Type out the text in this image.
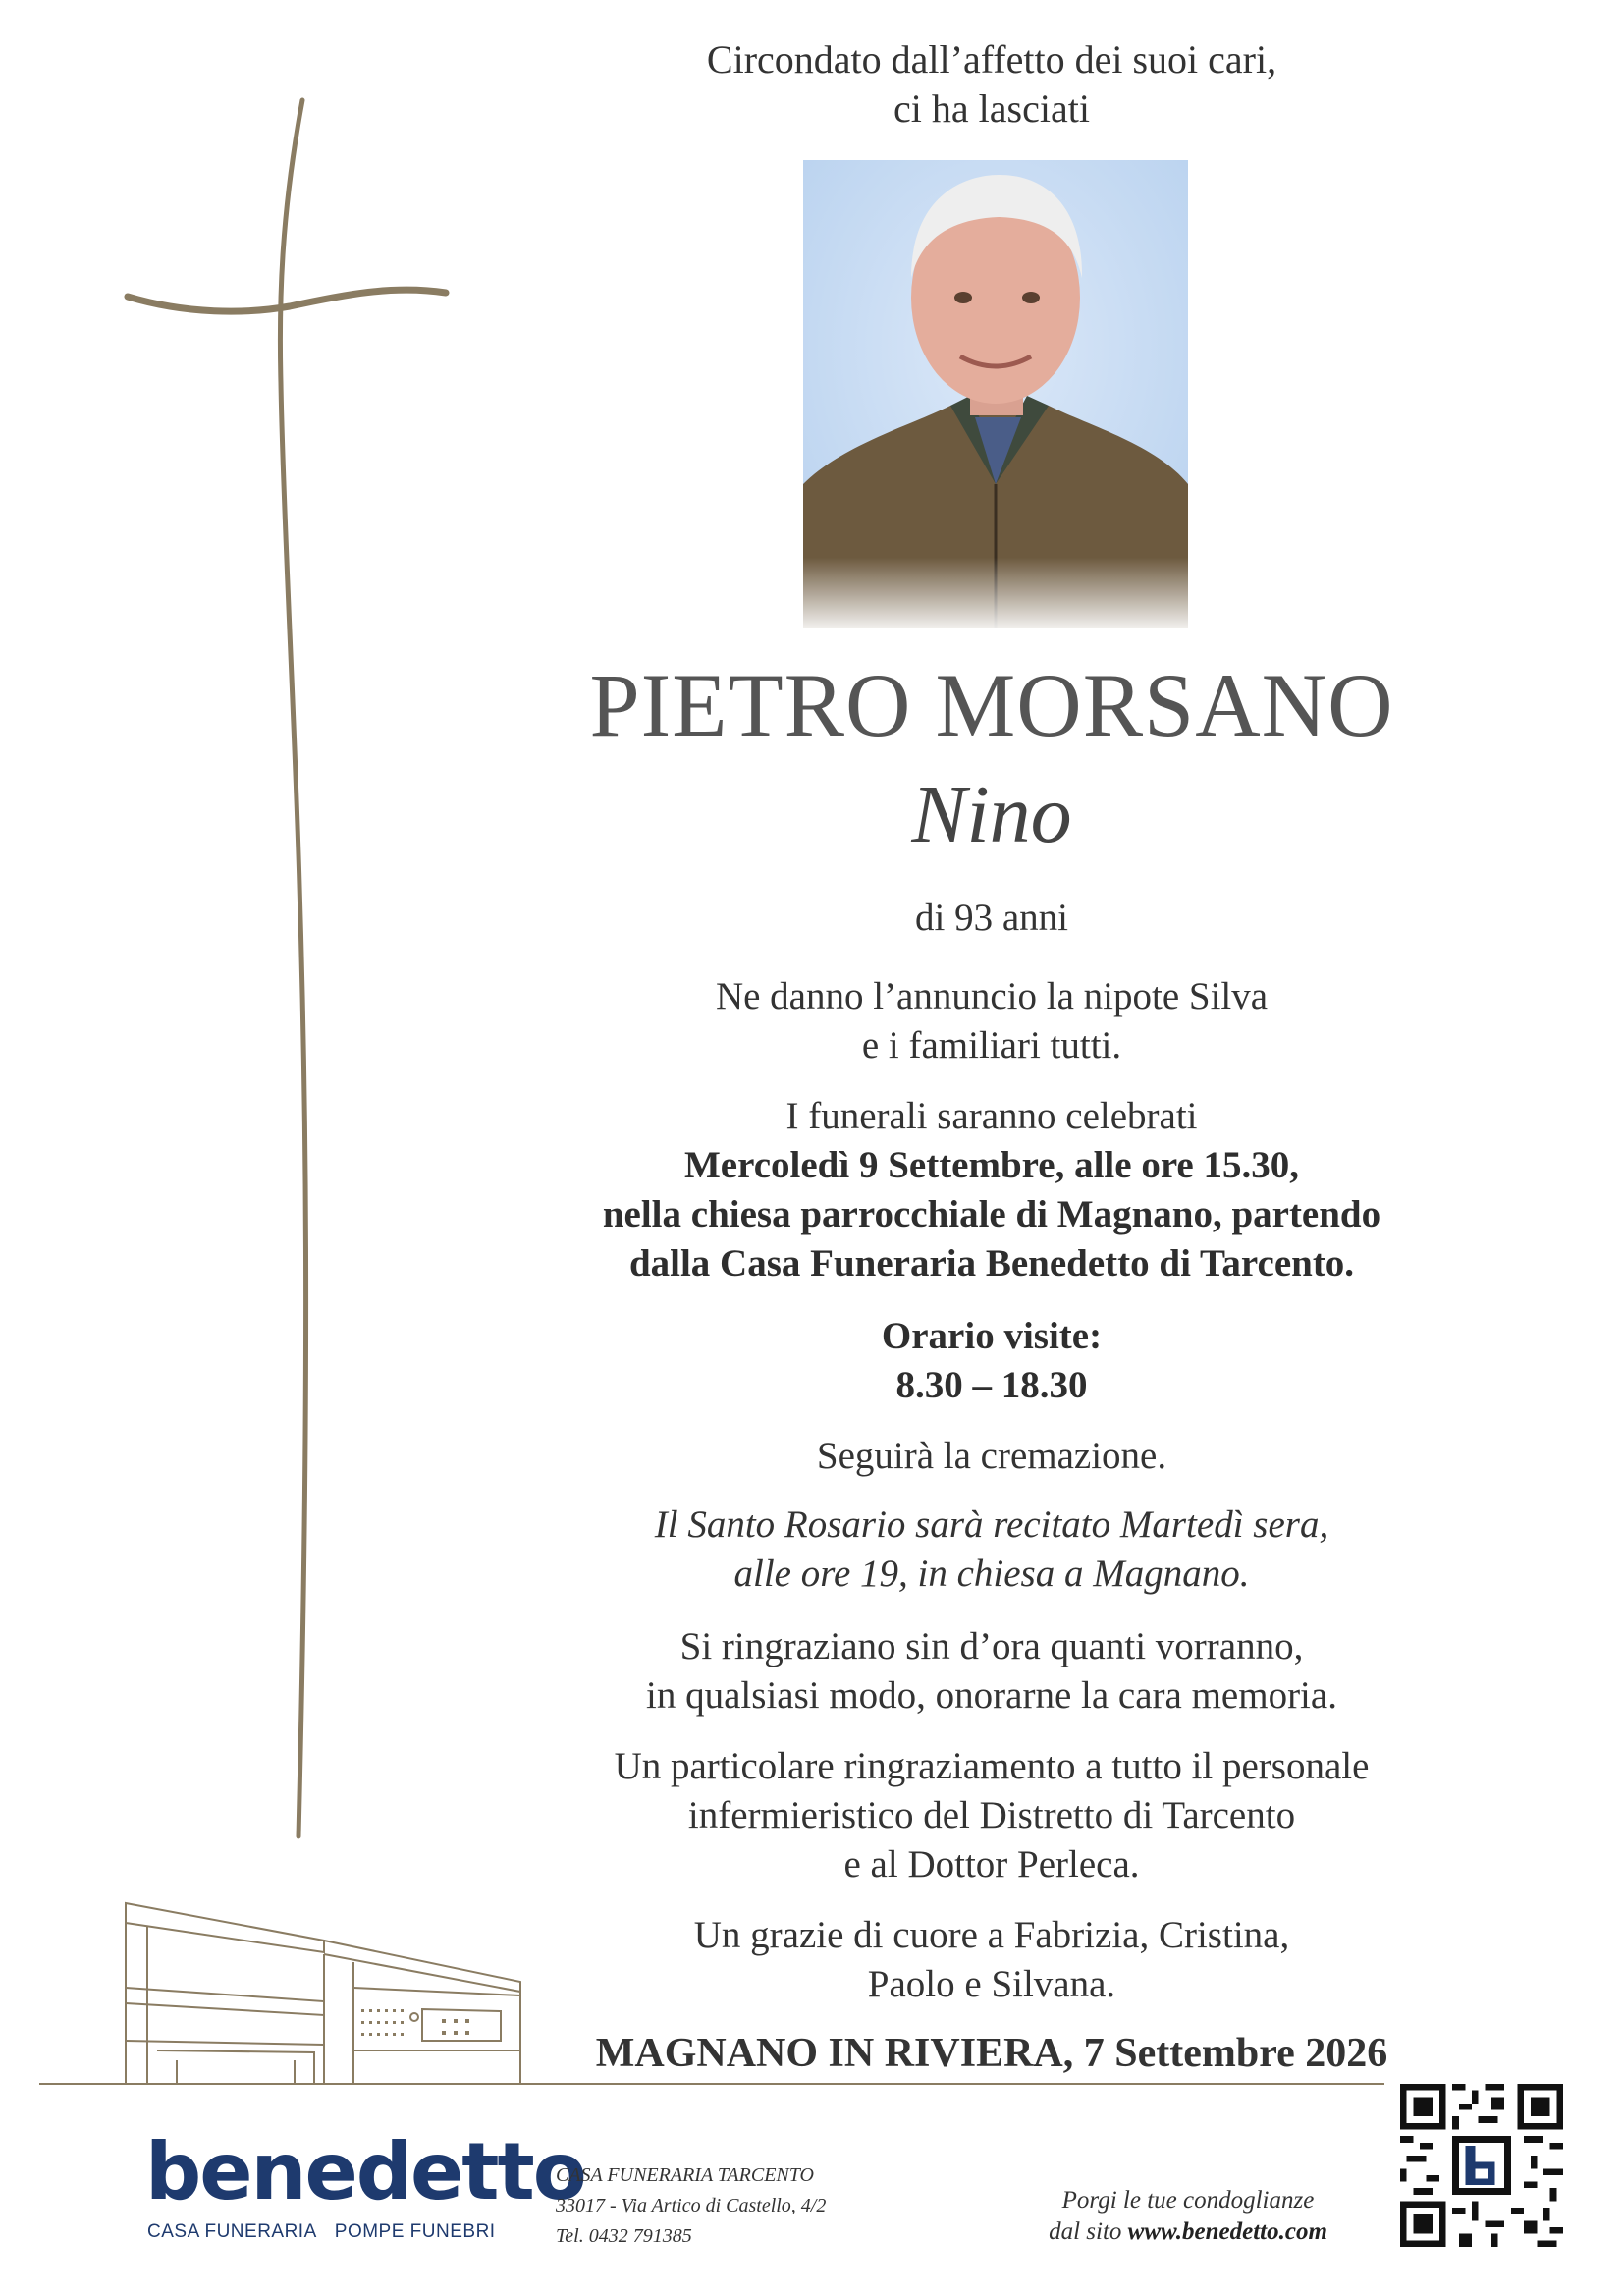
Circondato dall’affetto dei suoi cari,
ci ha lasciati
PIETRO MORSANO
Nino
di 93 anni
Ne danno l’annuncio la nipote Silva
e i familiari tutti.
I funerali saranno celebrati
Mercoledì 9 Settembre, alle ore 15.30,
nella chiesa parrocchiale di Magnano, partendo
dalla Casa Funeraria Benedetto di Tarcento.
Orario visite:
8.30 – 18.30
Seguirà la cremazione.
Il Santo Rosario sarà recitato Martedì sera,
alle ore 19, in chiesa a Magnano.
Si ringraziano sin d’ora quanti vorranno,
in qualsiasi modo, onorarne la cara memoria.
Un particolare ringraziamento a tutto il personale
infermieristico del Distretto di Tarcento
e al Dottor Perleca.
Un grazie di cuore a Fabrizia, Cristina,
Paolo e Silvana.
MAGNANO IN RIVIERA, 7 Settembre 2026
benedetto
CASA FUNERARIA POMPE FUNEBRI
CASA FUNERARIA TARCENTO
33017 - Via Artico di Castello, 4/2
Tel. 0432 791385
Porgi le tue condoglianze
dal sito www.benedetto.com
